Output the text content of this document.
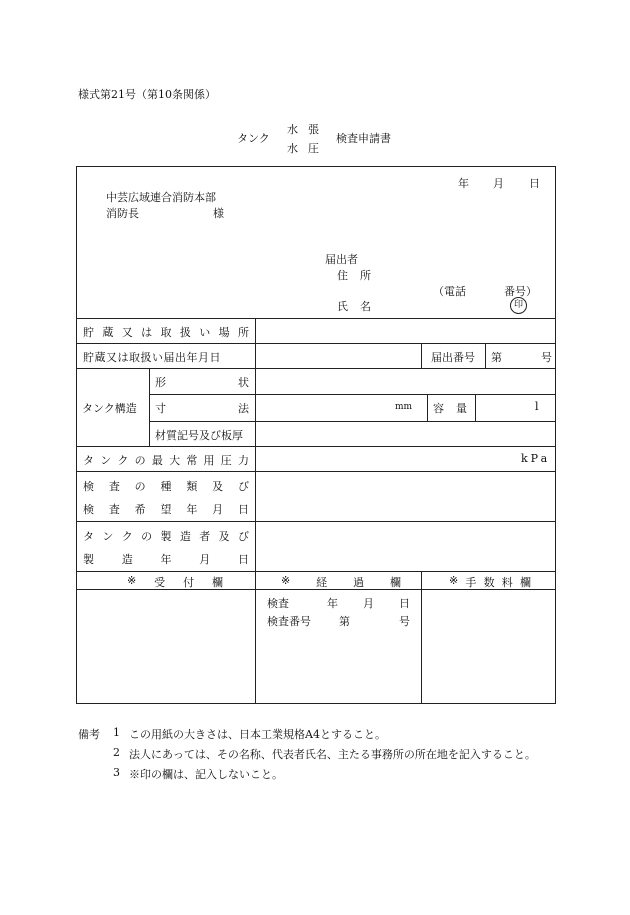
様式第21号（第10条関係）
タンク
水張
水圧
検査申請書
年 月 日
中芸広域連合消防本部
消防長	様
届出者
住 所
（電話	番号）
氏 名	印
貯 蔵 又 は 取 扱 い 場 所
貯蔵又は取扱い届出年月日	届出番号 第	号
タンク構造
形	状
寸	法	mm 容 量	l
材質記号及び板厚
タ ン ク の 最 大 常 用 圧 力	kPa
検 査 の 種 類 及 び
検 査 希 望 年 月 日
タ ン ク の 製 造 者 及 び
製	造	年	月	日
※ 受 付 欄	※ 経 過 欄	※ 手 数 料 欄
検査	年 月 日
検査番号	第	号
備考 1 この用紙の大きさは、日本工業規格A4とすること。
2 法人にあっては、その名称、代表者氏名、主たる事務所の所在地を記入すること。
3 ※印の欄は、記入しないこと。
